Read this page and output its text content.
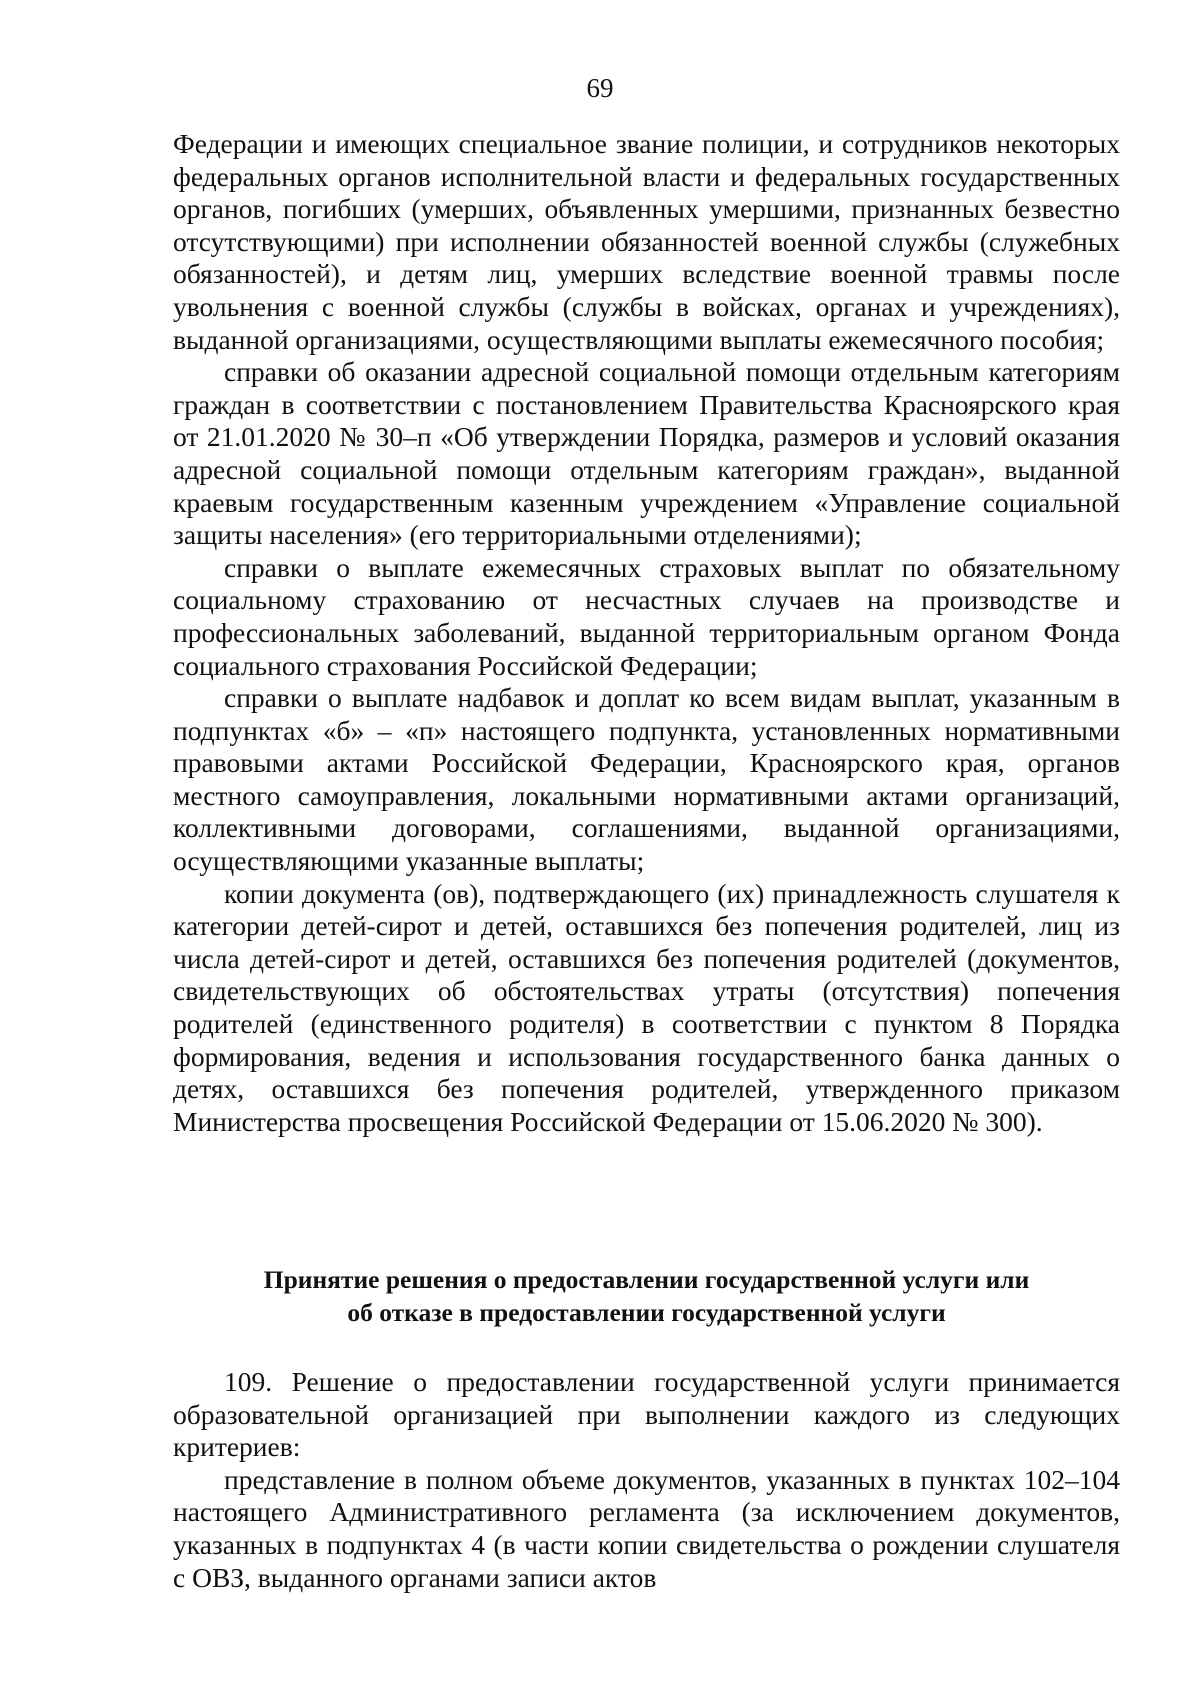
69

Федерации и имеющих специальное звание полиции, и сотрудников некоторых федеральных органов исполнительной власти и федеральных государственных органов, погибших (умерших, объявленных умершими, признанных безвестно отсутствующими) при исполнении обязанностей военной службы (служебных обязанностей), и детям лиц, умерших вследствие военной травмы после увольнения с военной службы (службы в войсках, органах и учреждениях), выданной организациями, осуществляющими выплаты ежемесячного пособия;

справки об оказании адресной социальной помощи отдельным категориям граждан в соответствии с постановлением Правительства Красноярского края от 21.01.2020 № 30–п «Об утверждении Порядка, размеров и условий оказания адресной социальной помощи отдельным категориям граждан», выданной краевым государственным казенным учреждением «Управление социальной защиты населения» (его территориальными отделениями);

справки о выплате ежемесячных страховых выплат по обязательному социальному страхованию от несчастных случаев на производстве и профессиональных заболеваний, выданной территориальным органом Фонда социального страхования Российской Федерации;

справки о выплате надбавок и доплат ко всем видам выплат, указанным в подпунктах «б» – «п» настоящего подпункта, установленных нормативными правовыми актами Российской Федерации, Красноярского края, органов местного самоуправления, локальными нормативными актами организаций, коллективными договорами, соглашениями, выданной организациями, осуществляющими указанные выплаты;

копии документа (ов), подтверждающего (их) принадлежность слушателя к категории детей-сирот и детей, оставшихся без попечения родителей, лиц из числа детей-сирот и детей, оставшихся без попечения родителей (документов, свидетельствующих об обстоятельствах утраты (отсутствия) попечения родителей (единственного родителя) в соответствии с пунктом 8 Порядка формирования, ведения и использования государственного банка данных о детях, оставшихся без попечения родителей, утвержденного приказом Министерства просвещения Российской Федерации от 15.06.2020 № 300).

Принятие решения о предоставлении государственной услуги или
об отказе в предоставлении государственной услуги

109. Решение о предоставлении государственной услуги принимается образовательной организацией при выполнении каждого из следующих критериев:

представление в полном объеме документов, указанных в пунктах 102–104 настоящего Административного регламента (за исключением документов, указанных в подпунктах 4 (в части копии свидетельства о рождении слушателя с ОВЗ, выданного органами записи актов
